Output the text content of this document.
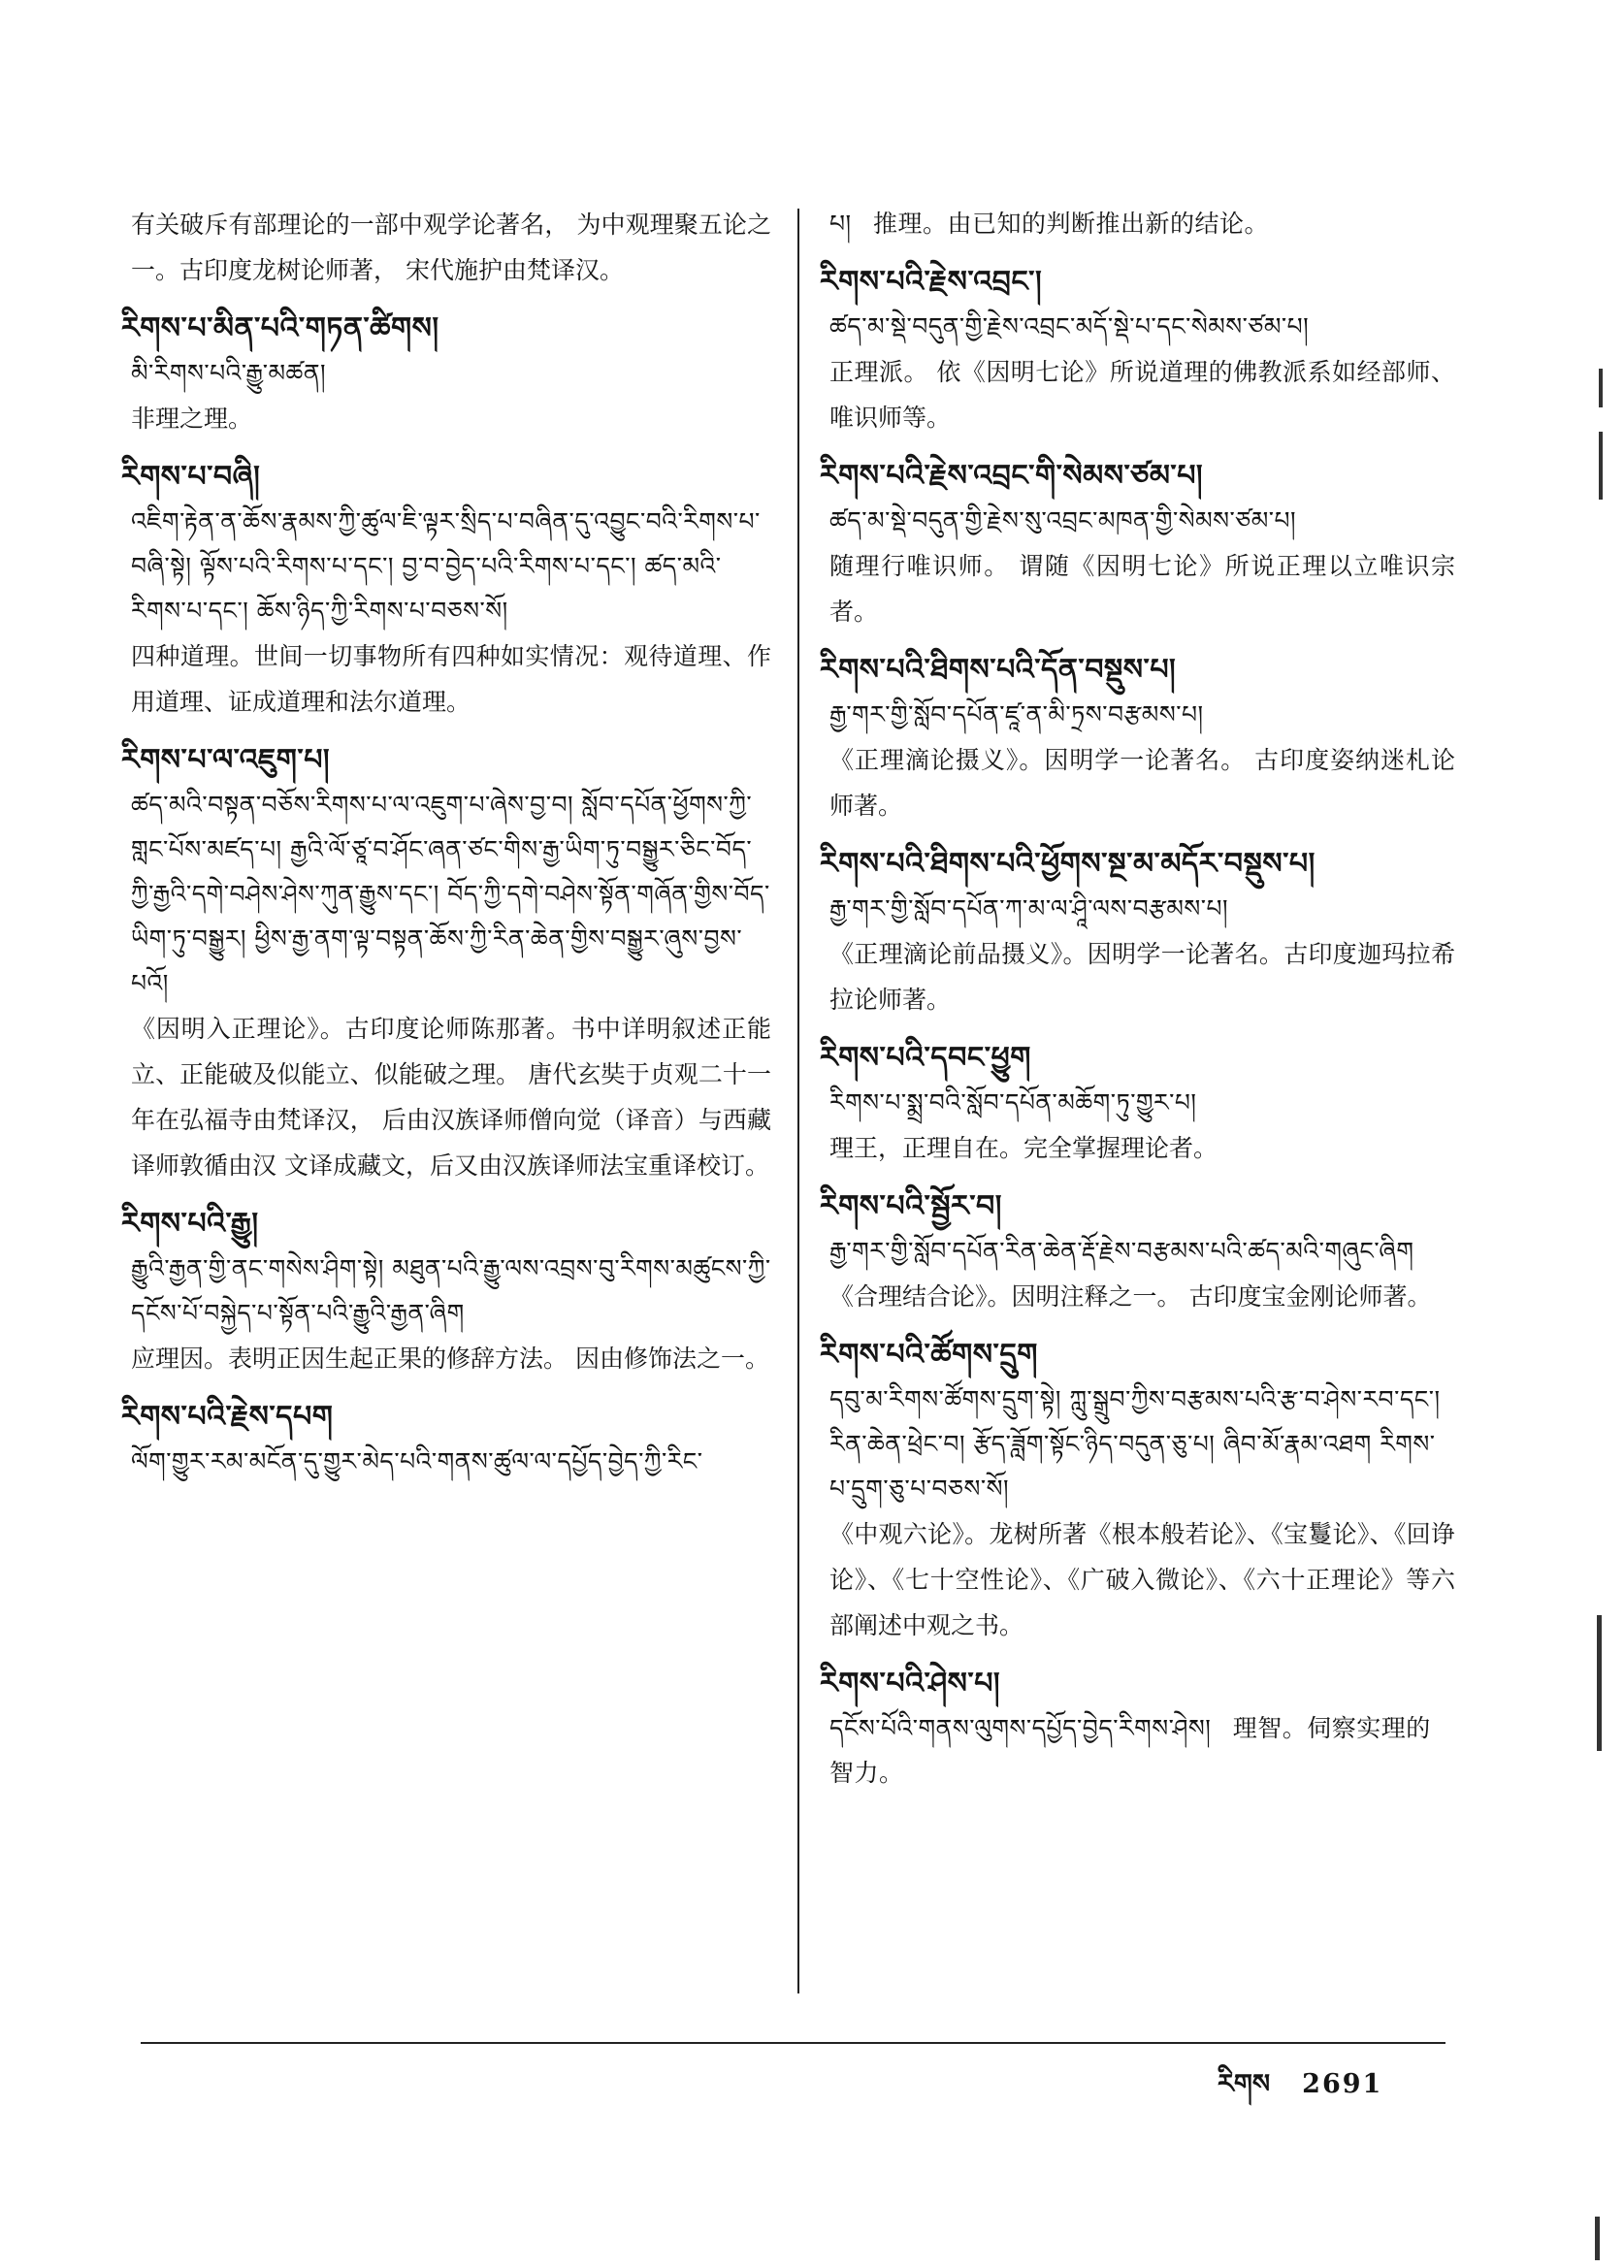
有关破斥有部理论的一部中观学论著名， 为中观理聚五论之一。古印度龙树论师著， 宋代施护由梵译汉。
རིགས་པ་མིན་པའི་གཏན་ཚིགས།
མི་རིགས་པའི་རྒྱུ་མཚན།
非理之理。
རིགས་པ་བཞི།
འཇིག་རྟེན་ན་ཆོས་རྣམས་ཀྱི་ཚུལ་ཇི་ལྟར་སྲིད་པ་བཞིན་དུ་འབྱུང་བའི་རིགས་པ་བཞི་སྟེ། ལྟོས་པའི་རིགས་པ་དང་། བྱ་བ་བྱེད་པའི་རིགས་པ་དང་། ཚད་མའི་རིགས་པ་དང་། ཆོས་ཉིད་ཀྱི་རིགས་པ་བཅས་སོ།
四种道理。世间一切事物所有四种如实情况：观待道理、作用道理、证成道理和法尔道理。
རིགས་པ་ལ་འཇུག་པ།
ཚད་མའི་བསྟན་བཅོས་རིགས་པ་ལ་འཇུག་པ་ཞེས་བྱ་བ། སློབ་དཔོན་ཕྱོགས་ཀྱི་གླང་པོས་མཛད་པ། རྒྱའི་ལོ་ཙཱ་བ་ཤོང་ཞན་ཙང་གིས་རྒྱ་ཡིག་ཏུ་བསྒྱུར་ཅིང་བོད་ཀྱི་རྒྱའི་དགེ་བཤེས་ཤེས་ཀུན་རྒྱུས་དང་། བོད་ཀྱི་དགེ་བཤེས་སྟོན་གཞོན་གྱིས་བོད་ཡིག་ཏུ་བསྒྱུར། ཕྱིས་རྒྱ་ནག་ལྟ་བསྟན་ཆོས་ཀྱི་རིན་ཆེན་གྱིས་བསྒྱུར་ཞུས་བྱས་པའོ།
《因明入正理论》。古印度论师陈那著。书中详明叙述正能立、正能破及似能立、似能破之理。 唐代玄奘于贞观二十一年在弘福寺由梵译汉， 后由汉族译师僧向觉（译音）与西藏译师敦循由汉 文译成藏文，后又由汉族译师法宝重译校订。
རིགས་པའི་རྒྱུ།
རྒྱུའི་རྒྱན་གྱི་ནང་གསེས་ཤིག་སྟེ། མཐུན་པའི་རྒྱུ་ལས་འབྲས་བུ་རིགས་མཚུངས་ཀྱི་དངོས་པོ་བསྐྱེད་པ་སྟོན་པའི་རྒྱུའི་རྒྱན་ཞིག
应理因。表明正因生起正果的修辞方法。 因由修饰法之一。
རིགས་པའི་རྗེས་དཔག
ལོག་གྱུར་རམ་མངོན་དུ་གྱུར་མེད་པའི་གནས་ཚུལ་ལ་དཔྱོད་བྱེད་ཀྱི་རིང་
པ། 推理。由已知的判断推出新的结论。
རིགས་པའི་རྗེས་འབྲང་།
ཚད་མ་སྡེ་བདུན་གྱི་རྗེས་འབྲང་མདོ་སྡེ་པ་དང་སེམས་ཙམ་པ།
正理派。 依《因明七论》所说道理的佛教派系如经部师、唯识师等。
རིགས་པའི་རྗེས་འབྲང་གི་སེམས་ཙམ་པ།
ཚད་མ་སྡེ་བདུན་གྱི་རྗེས་སུ་འབྲང་མཁན་གྱི་སེམས་ཙམ་པ།
随理行唯识师。 谓随《因明七论》所说正理以立唯识宗者。
རིགས་པའི་ཐིགས་པའི་དོན་བསྡུས་པ།
རྒྱ་གར་གྱི་སློབ་དཔོན་ཛཱ་ན་མི་ཏྲས་བརྩམས་པ།
《正理滴论摄义》。因明学一论著名。 古印度姿纳迷札论师著。
རིགས་པའི་ཐིགས་པའི་ཕྱོགས་སྔ་མ་མདོར་བསྡུས་པ།
རྒྱ་གར་གྱི་སློབ་དཔོན་ཀ་མ་ལ་ཤཱི་ལས་བརྩམས་པ།
《正理滴论前品摄义》。因明学一论著名。古印度迦玛拉希拉论师著。
རིགས་པའི་དབང་ཕྱུག
རིགས་པ་སྨྲ་བའི་སློབ་དཔོན་མཆོག་ཏུ་གྱུར་པ།
理王，正理自在。完全掌握理论者。
རིགས་པའི་སྦྱོར་བ།
རྒྱ་གར་གྱི་སློབ་དཔོན་རིན་ཆེན་རྡོ་རྗེས་བརྩམས་པའི་ཚད་མའི་གཞུང་ཞིག
《合理结合论》。因明注释之一。 古印度宝金刚论师著。
རིགས་པའི་ཚོགས་དྲུག
དབུ་མ་རིགས་ཚོགས་དྲུག་སྟེ། ཀླུ་སྒྲུབ་ཀྱིས་བརྩམས་པའི་རྩ་བ་ཤེས་རབ་དང་། རིན་ཆེན་ཕྲེང་བ། རྩོད་ཟློག་སྟོང་ཉིད་བདུན་ཅུ་པ། ཞིབ་མོ་རྣམ་འཐག རིགས་པ་དྲུག་ཅུ་པ་བཅས་སོ།
《中观六论》。龙树所著《根本般若论》、《宝鬘论》、《回诤论》、《七十空性论》、《广破入微论》、《六十正理论》等六部阐述中观之书。
རིགས་པའི་ཤེས་པ།
དངོས་པོའི་གནས་ལུགས་དཔྱོད་བྱེད་རིགས་ཤེས། 理智。伺察实理的智力。
རིགས 2691
